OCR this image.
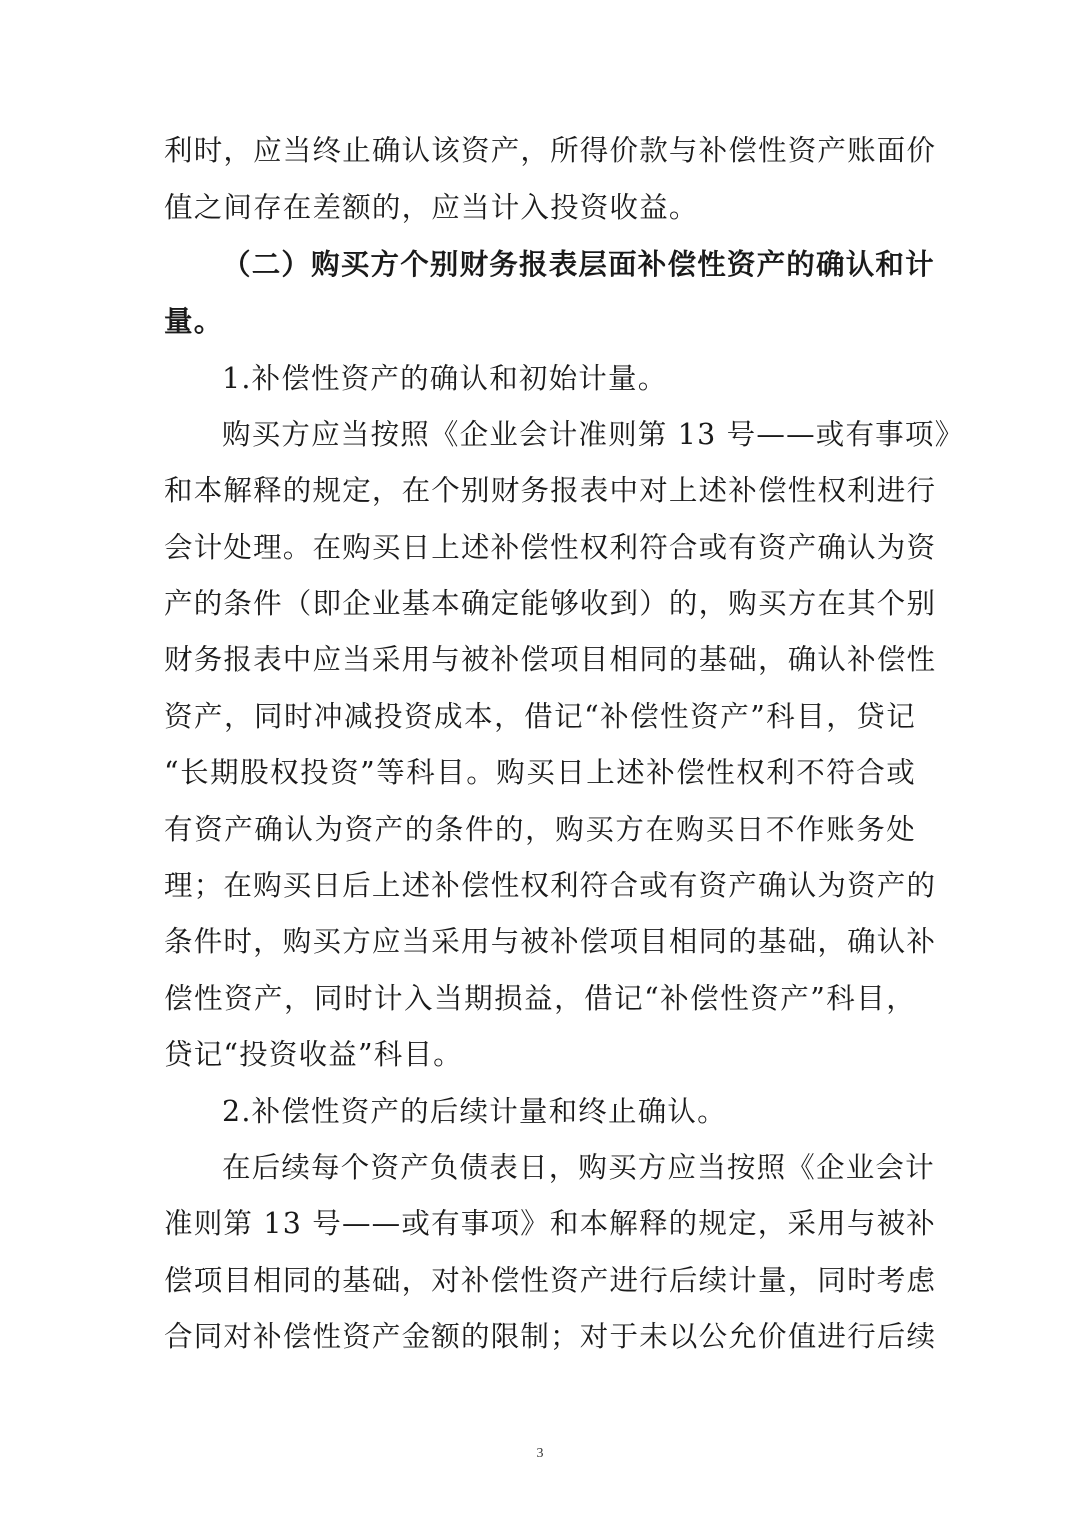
利时，应当终止确认该资产，所得价款与补偿性资产账面价
值之间存在差额的，应当计入投资收益。
（二）购买方个别财务报表层面补偿性资产的确认和计
量。
1.补偿性资产的确认和初始计量。
购买方应当按照《企业会计准则第 13 号——或有事项》
和本解释的规定，在个别财务报表中对上述补偿性权利进行
会计处理。在购买日上述补偿性权利符合或有资产确认为资
产的条件（即企业基本确定能够收到）的，购买方在其个别
财务报表中应当采用与被补偿项目相同的基础，确认补偿性
资产，同时冲减投资成本，借记“补偿性资产”科目，贷记
“长期股权投资”等科目。购买日上述补偿性权利不符合或
有资产确认为资产的条件的，购买方在购买日不作账务处
理；在购买日后上述补偿性权利符合或有资产确认为资产的
条件时，购买方应当采用与被补偿项目相同的基础，确认补
偿性资产，同时计入当期损益，借记“补偿性资产”科目，
贷记“投资收益”科目。
2.补偿性资产的后续计量和终止确认。
在后续每个资产负债表日，购买方应当按照《企业会计
准则第 13 号——或有事项》和本解释的规定，采用与被补
偿项目相同的基础，对补偿性资产进行后续计量，同时考虑
合同对补偿性资产金额的限制；对于未以公允价值进行后续
3
